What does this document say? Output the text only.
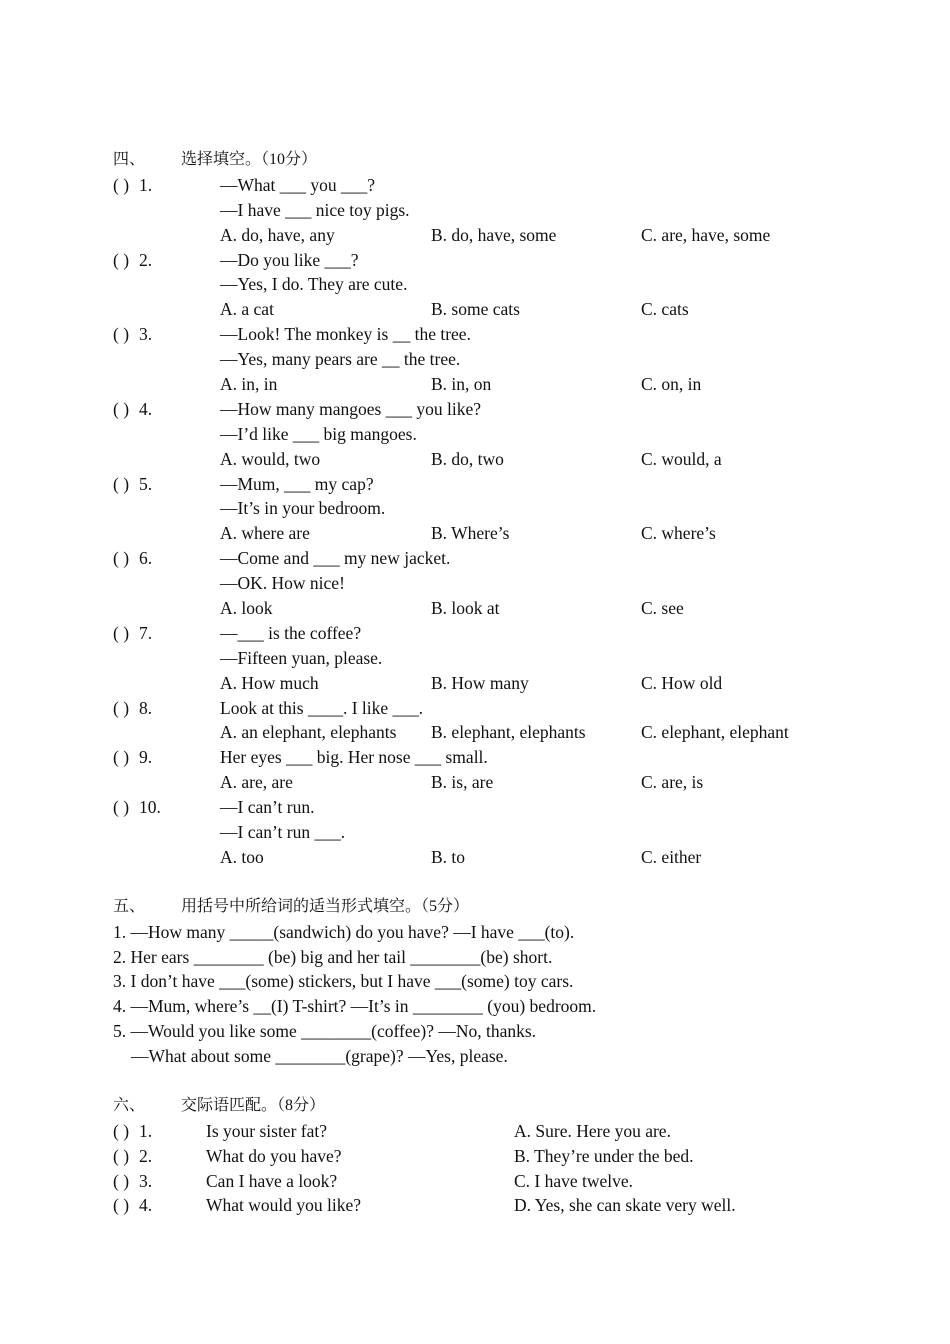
四、 选择填空。（10分）
( ) 1.	—What ___ you ___?
—I have ___ nice toy pigs.
A. do, have, any	B. do, have, some	C. are, have, some
( ) 2.	—Do you like ___?
—Yes, I do. They are cute.
A. a cat	B. some cats	C. cats
( ) 3.	—Look! The monkey is __ the tree.
—Yes, many pears are __ the tree.
A. in, in	B. in, on	C. on, in
( ) 4.	—How many mangoes ___ you like?
—I’d like ___ big mangoes.
A. would, two	B. do, two	C. would, a
( ) 5.	—Mum, ___ my cap?
—It’s in your bedroom.
A. where are	B. Where’s	C. where’s
( ) 6.	—Come and ___ my new jacket.
—OK. How nice!
A. look	B. look at	C. see
( ) 7.	—___ is the coffee?
—Fifteen yuan, please.
A. How much	B. How many	C. How old
( ) 8.	Look at this ____. I like ___.
A. an elephant, elephants B. elephant, elephants	C. elephant, elephant
( ) 9.	Her eyes ___ big. Her nose ___ small.
A. are, are	B. is, are	C. are, is
( ) 10.	—I can’t run.
—I can’t run ___.
A. too	B. to	C. either
五、 用括号中所给词的适当形式填空。（5分）
1. —How many _____(sandwich) do you have? —I have ___(to).
2. Her ears ________ (be) big and her tail ________(be) short.
3. I don’t have ___(some) stickers, but I have ___(some) toy cars.
4. —Mum, where’s __(I) T-shirt? —It’s in ________ (you) bedroom.
5. —Would you like some ________(coffee)? —No, thanks.
—What about some ________(grape)? —Yes, please.
六、 交际语匹配。（8分）
( ) 1.	Is your sister fat?	A. Sure. Here you are.
( ) 2.	What do you have?	B. They’re under the bed.
( ) 3.	Can I have a look?	C. I have twelve.
( ) 4.	What would you like?	D. Yes, she can skate very well.
